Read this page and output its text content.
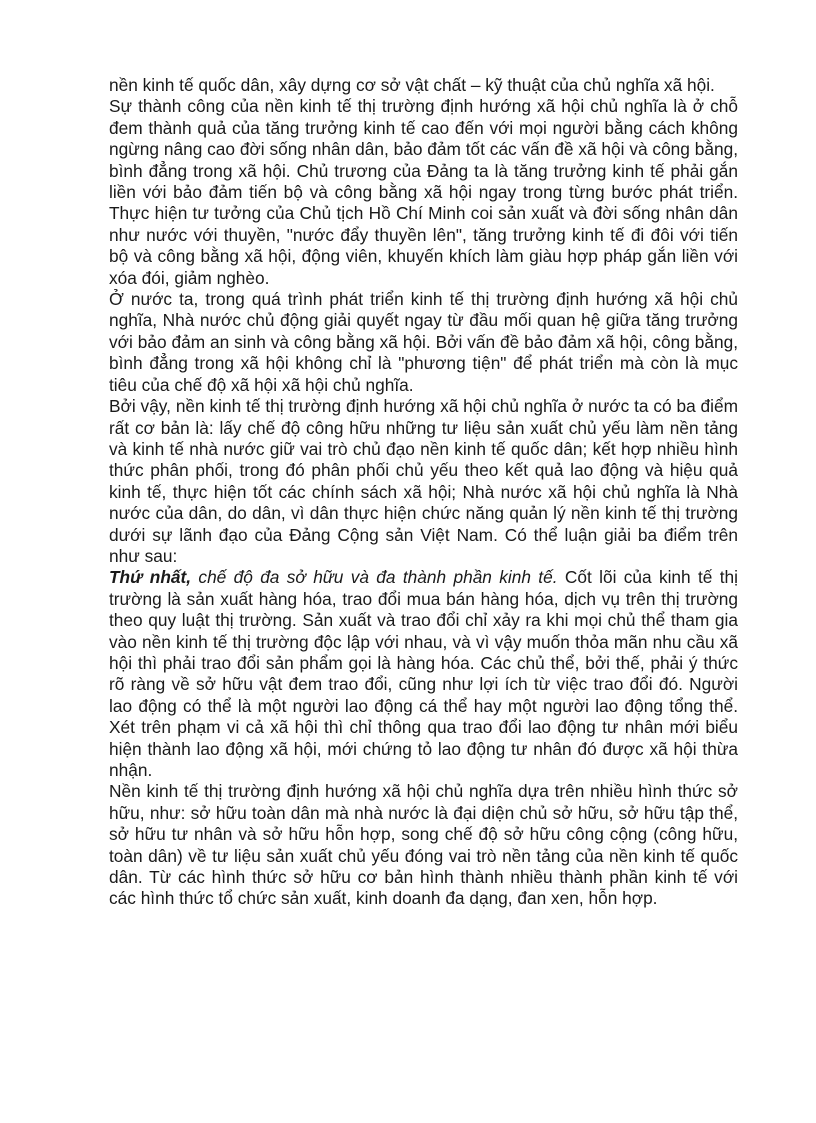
nền kinh tế quốc dân, xây dựng cơ sở vật chất – kỹ thuật của chủ nghĩa xã hội.

Sự thành công của nền kinh tế thị trường định hướng xã hội chủ nghĩa là ở chỗ đem thành quả của tăng trưởng kinh tế cao đến với mọi người bằng cách không ngừng nâng cao đời sống nhân dân, bảo đảm tốt các vấn đề xã hội và công bằng, bình đẳng trong xã hội. Chủ trương của Đảng ta là tăng trưởng kinh tế phải gắn liền với bảo đảm tiến bộ và công bằng xã hội ngay trong từng bước phát triển. Thực hiện tư tưởng của Chủ tịch Hồ Chí Minh coi sản xuất và đời sống nhân dân như nước với thuyền, "nước đẩy thuyền lên", tăng trưởng kinh tế đi đôi với tiến bộ và công bằng xã hội, động viên, khuyến khích làm giàu hợp pháp gắn liền với xóa đói, giảm nghèo.

Ở nước ta, trong quá trình phát triển kinh tế thị trường định hướng xã hội chủ nghĩa, Nhà nước chủ động giải quyết ngay từ đầu mối quan hệ giữa tăng trưởng với bảo đảm an sinh và công bằng xã hội. Bởi vấn đề bảo đảm xã hội, công bằng, bình đẳng trong xã hội không chỉ là "phương tiện" để phát triển mà còn là mục tiêu của chế độ xã hội xã hội chủ nghĩa.

Bởi vậy, nền kinh tế thị trường định hướng xã hội chủ nghĩa ở nước ta có ba điểm rất cơ bản là: lấy chế độ công hữu những tư liệu sản xuất chủ yếu làm nền tảng và kinh tế nhà nước giữ vai trò chủ đạo nền kinh tế quốc dân; kết hợp nhiều hình thức phân phối, trong đó phân phối chủ yếu theo kết quả lao động và hiệu quả kinh tế, thực hiện tốt các chính sách xã hội; Nhà nước xã hội chủ nghĩa là Nhà nước của dân, do dân, vì dân thực hiện chức năng quản lý nền kinh tế thị trường dưới sự lãnh đạo của Đảng Cộng sản Việt Nam. Có thể luận giải ba điểm trên như sau:

Thứ nhất, chế độ đa sở hữu và đa thành phần kinh tế. Cốt lõi của kinh tế thị trường là sản xuất hàng hóa, trao đổi mua bán hàng hóa, dịch vụ trên thị trường theo quy luật thị trường. Sản xuất và trao đổi chỉ xảy ra khi mọi chủ thể tham gia vào nền kinh tế thị trường độc lập với nhau, và vì vậy muốn thỏa mãn nhu cầu xã hội thì phải trao đổi sản phẩm gọi là hàng hóa. Các chủ thể, bởi thế, phải ý thức rõ ràng về sở hữu vật đem trao đổi, cũng như lợi ích từ việc trao đổi đó. Người lao động có thể là một người lao động cá thể hay một người lao động tổng thể. Xét trên phạm vi cả xã hội thì chỉ thông qua trao đổi lao động tư nhân mới biểu hiện thành lao động xã hội, mới chứng tỏ lao động tư nhân đó được xã hội thừa nhận.

Nền kinh tế thị trường định hướng xã hội chủ nghĩa dựa trên nhiều hình thức sở hữu, như: sở hữu toàn dân mà nhà nước là đại diện chủ sở hữu, sở hữu tập thể, sở hữu tư nhân và sở hữu hỗn hợp, song chế độ sở hữu công cộng (công hữu, toàn dân) về tư liệu sản xuất chủ yếu đóng vai trò nền tảng của nền kinh tế quốc dân. Từ các hình thức sở hữu cơ bản hình thành nhiều thành phần kinh tế với các hình thức tổ chức sản xuất, kinh doanh đa dạng, đan xen, hỗn hợp.
